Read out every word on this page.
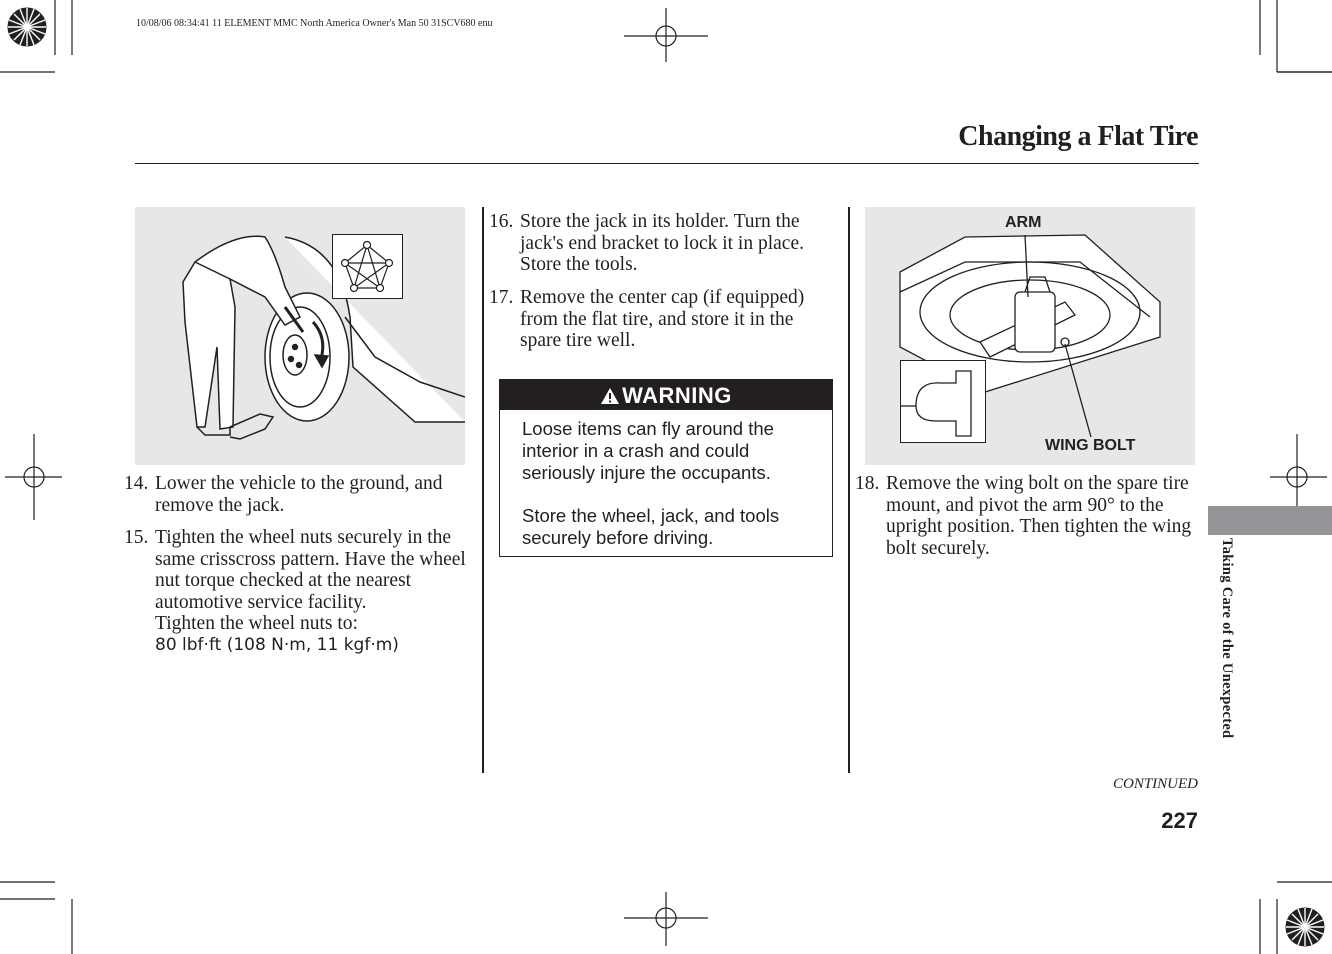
10/08/06 08:34:41 11 ELEMENT MMC North America Owner's Man 50 31SCV680 enu
Changing a Flat Tire
14. Lower the vehicle to the ground, and remove the jack.
15. Tighten the wheel nuts securely in the same crisscross pattern. Have the wheel nut torque checked at the nearest automotive service facility.
Tighten the wheel nuts to:
80 lbf·ft (108 N·m, 11 kgf·m)
16. Store the jack in its holder. Turn the jack's end bracket to lock it in place. Store the tools.
17. Remove the center cap (if equipped) from the flat tire, and store it in the spare tire well.
WARNING
Loose items can fly around the interior in a crash and could seriously injure the occupants.
Store the wheel, jack, and tools securely before driving.
ARM
WING BOLT
18. Remove the wing bolt on the spare tire mount, and pivot the arm 90° to the upright position. Then tighten the wing bolt securely.	Taking Care of the Unexpected
CONTINUED
227
